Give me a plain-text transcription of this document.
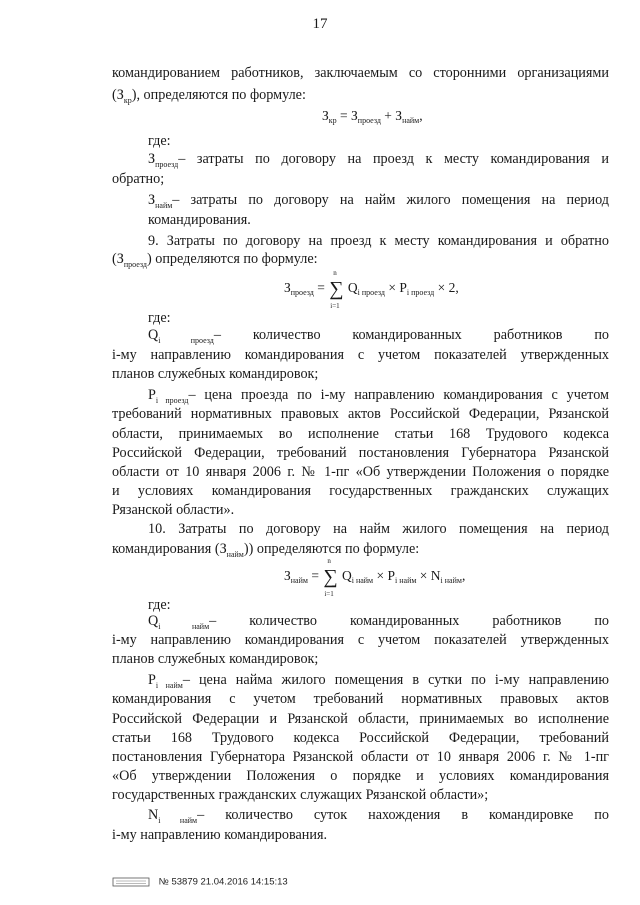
17
командированием работников, заключаемым со сторонними организациями
$(З_{кр})$, определяются по формуле:
$З_{кр} = З_{проезд} + З_{найм}$,
где:
$З_{проезд}-$ затраты по договору на проезд к месту командирования и
обратно;
$З_{найм}-$ затраты по договору на найм жилого помещения на период
командирования.
9. Затраты по договору на проезд к месту командирования и обратно
$(З_{проезд})$ определяются по формуле:
$З_{проезд}$ =
n
∑
i=1
$Q_{i проезд} \times P_{i проезд} \times 2$,
где:
$Q_{i проезд}-$ количество командированных работников по
i-му направлению командирования с учетом показателей утвержденных
планов служебных командировок;
$P_{i проезд}-$ цена проезда по i-му направлению командирования с учетом
требований нормативных правовых актов Российской Федерации, Рязанской
области, принимаемых во исполнение статьи 168 Трудового кодекса
Российской Федерации, требований постановления Губернатора Рязанской
области от 10 января 2006 г. № 1-пг «Об утверждении Положения о порядке
и условиях командирования государственных гражданских служащих
Рязанской области».
10. Затраты по договору на найм жилого помещения на период
командирования $(З_{найм})$) определяются по формуле:
$З_{найм}$ =
n
∑
i=1
$Q_{i найм} \times P_{i найм} \times N_{i найм}$,
где:
$Q_{i найм}-$ количество командированных работников по
i-му направлению командирования с учетом показателей утвержденных
планов служебных командировок;
$P_{i найм}-$ цена найма жилого помещения в сутки по i-му направлению
командирования с учетом требований нормативных правовых актов
Российской Федерации и Рязанской области, принимаемых во исполнение
статьи 168 Трудового кодекса Российской Федерации, требований
постановления Губернатора Рязанской области от 10 января 2006 г. № 1-пг
«Об утверждении Положения о порядке и условиях командирования
государственных гражданских служащих Рязанской области»;
$N_{i найм}-$ количество суток нахождения в командировке по
i-му направлению командирования.
№ 53879 21.04.2016 14:15:13
